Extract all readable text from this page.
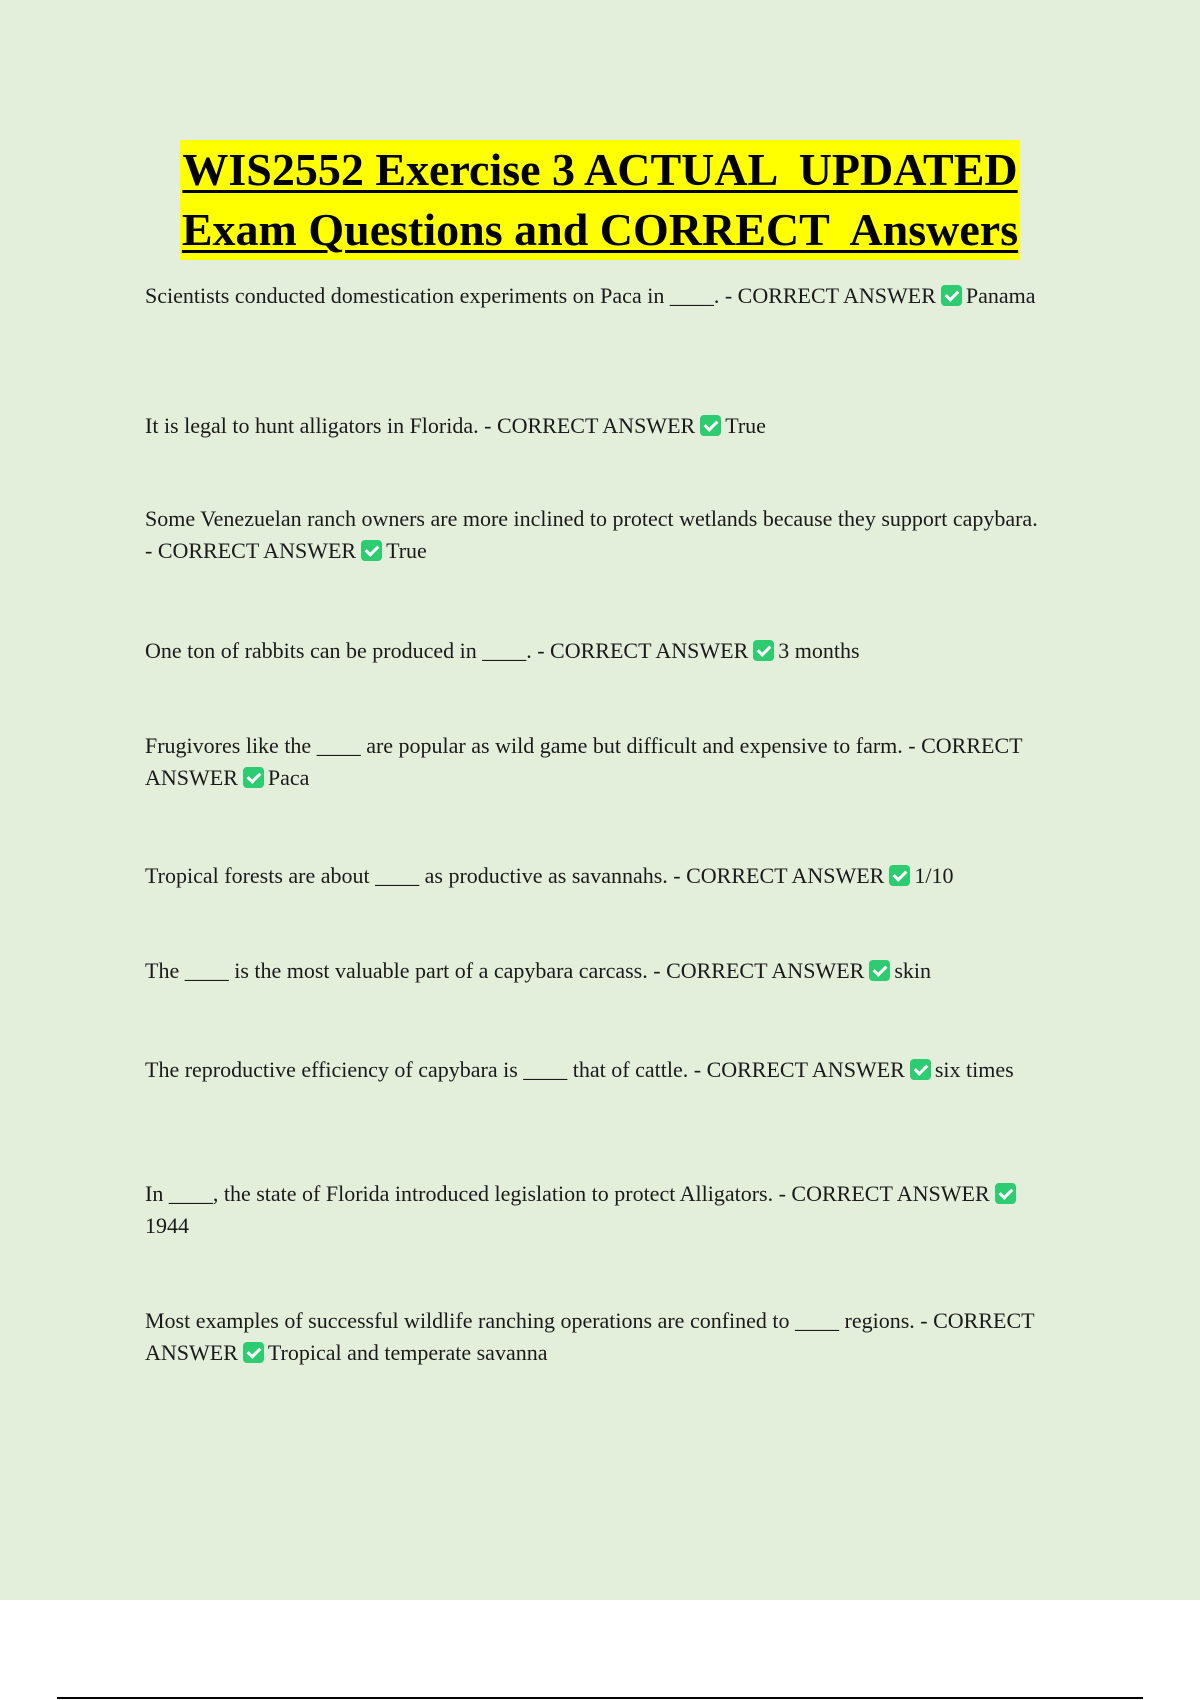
WIS2552 Exercise 3 ACTUAL  UPDATED
Exam Questions and CORRECT  Answers
Scientists conducted domestication experiments on Paca in ____. - CORRECT ANSWER Panama
It is legal to hunt alligators in Florida. - CORRECT ANSWER True
Some Venezuelan ranch owners are more inclined to protect wetlands because they support capybara. - CORRECT ANSWER True
One ton of rabbits can be produced in ____. - CORRECT ANSWER 3 months
Frugivores like the ____ are popular as wild game but difficult and expensive to farm. - CORRECT ANSWER Paca
Tropical forests are about ____ as productive as savannahs. - CORRECT ANSWER 1/10
The ____ is the most valuable part of a capybara carcass. - CORRECT ANSWER skin
The reproductive efficiency of capybara is ____ that of cattle. - CORRECT ANSWER six times
In ____, the state of Florida introduced legislation to protect Alligators. - CORRECT ANSWER1944
Most examples of successful wildlife ranching operations are confined to ____ regions. - CORRECT ANSWER Tropical and temperate savanna
